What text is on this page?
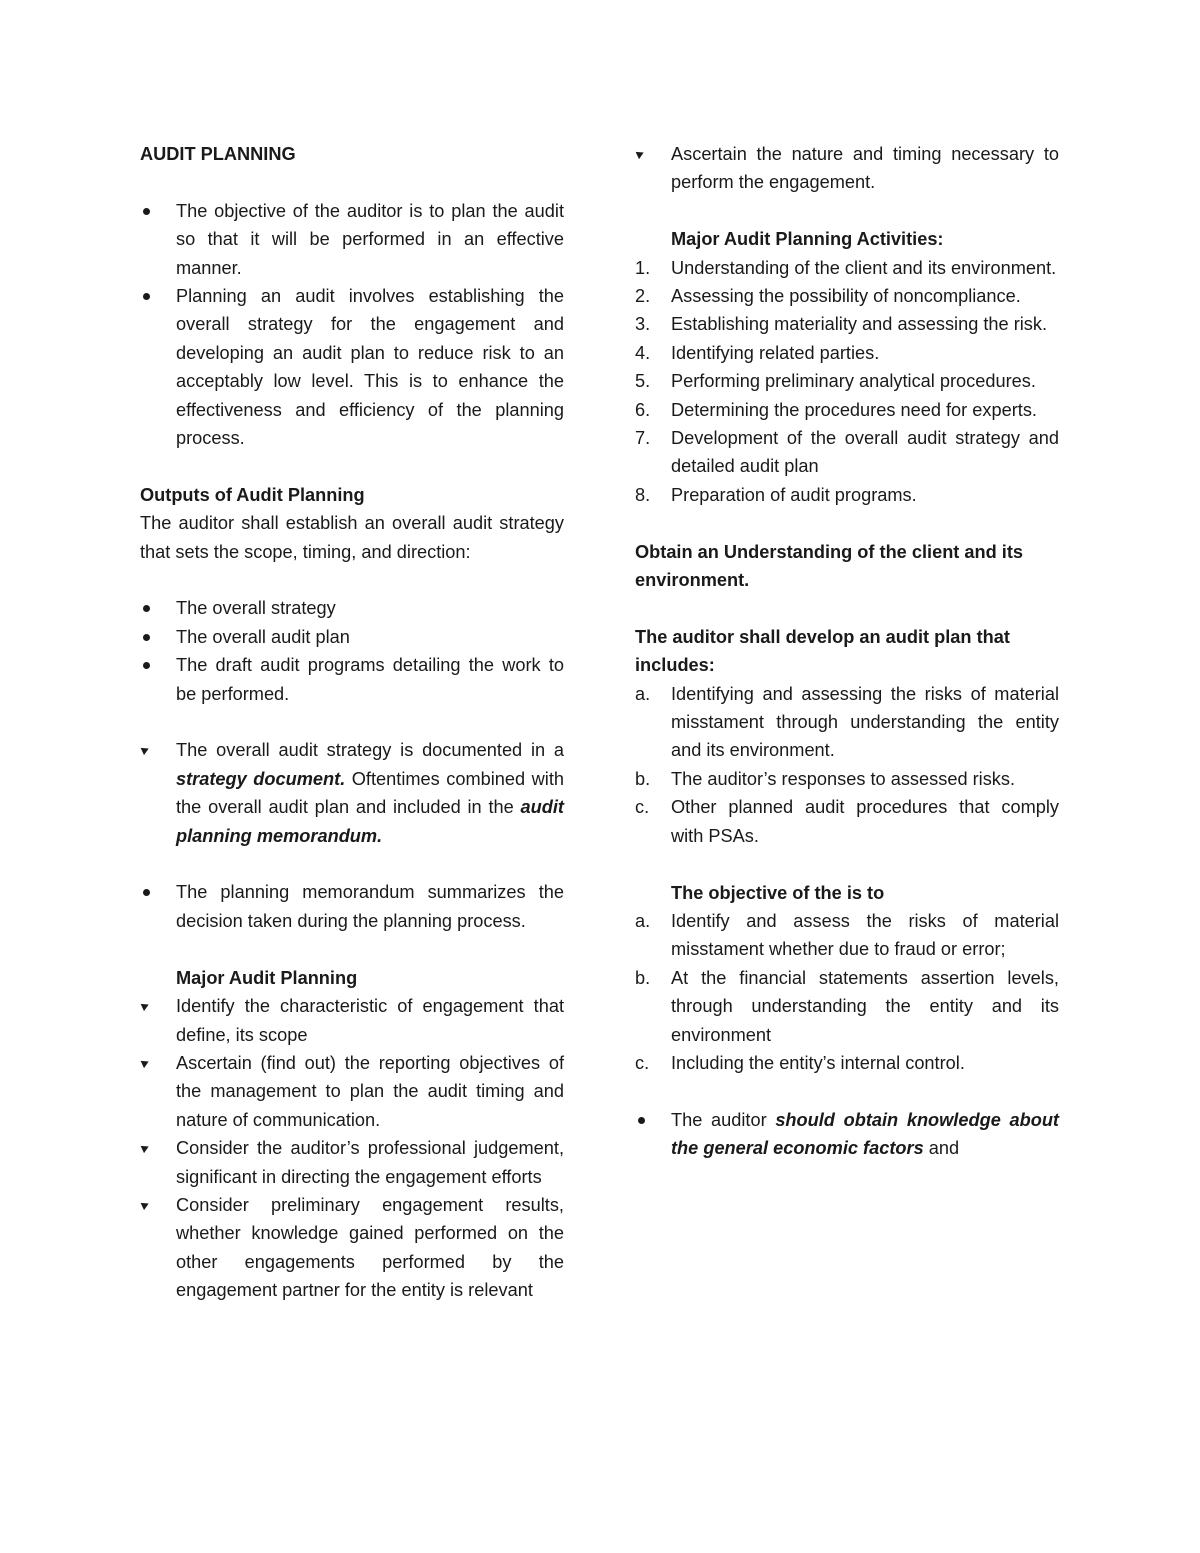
AUDIT PLANNING

The objective of the auditor is to plan the audit so that it will be performed in an effective manner.
Planning an audit involves establishing the overall strategy for the engagement and developing an audit plan to reduce risk to an acceptably low level. This is to enhance the effectiveness and efficiency of the planning process.

Outputs of Audit Planning

The auditor shall establish an overall audit strategy that sets the scope, timing, and direction:

The overall strategy
The overall audit plan
The draft audit programs detailing the work to be performed.
The overall audit strategy is documented in a strategy document. Oftentimes combined with the overall audit plan and included in the audit planning memorandum.
The planning memorandum summarizes the decision taken during the planning process.

Major Audit Planning

Identify the characteristic of engagement that define, its scope
Ascertain (find out) the reporting objectives of the management to plan the audit timing and nature of communication.
Consider the auditor’s professional judgement, significant in directing the engagement efforts
Consider preliminary engagement results, whether knowledge gained performed on the other engagements performed by the engagement partner for the entity is relevant
Ascertain the nature and timing necessary to perform the engagement.

Major Audit Planning Activities:

1. Understanding of the client and its environment.
2. Assessing the possibility of noncompliance.
3. Establishing materiality and assessing the risk.
4. Identifying related parties.
5. Performing preliminary analytical procedures.
6. Determining the procedures need for experts.
7. Development of the overall audit strategy and detailed audit plan
8. Preparation of audit programs.

Obtain an Understanding of the client and its environment.

The auditor shall develop an audit plan that includes:

a. Identifying and assessing the risks of material misstament through understanding the entity and its environment.
b. The auditor’s responses to assessed risks.
c. Other planned audit procedures that comply with PSAs.

The objective of the is to

a. Identify and assess the risks of material misstament whether due to fraud or error;
b. At the financial statements assertion levels, through understanding the entity and its environment
c. Including the entity’s internal control.
The auditor should obtain knowledge about the general economic factors and
